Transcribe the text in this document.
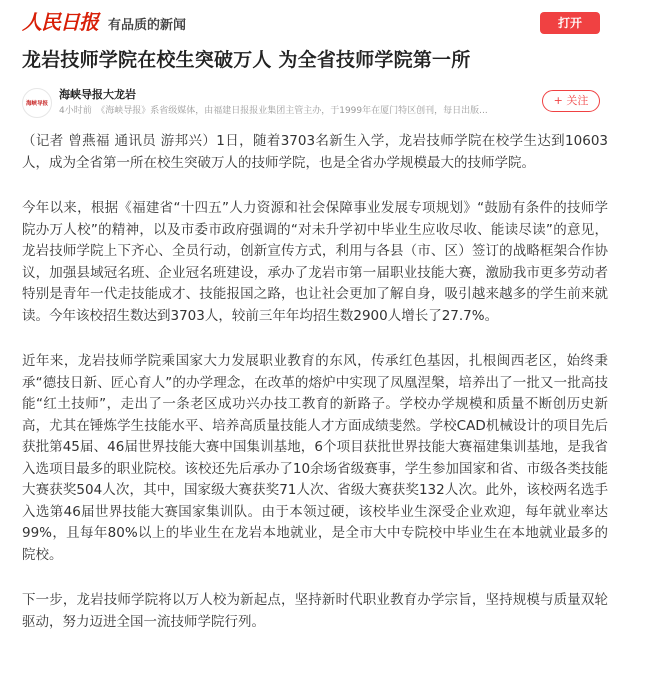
人民日报 有品质的新闻	打开
龙岩技师学院在校生突破万人 为全省技师学院第一所
海峡导报
海峡导报大龙岩
4小时前　《海峡导报》系省级媒体，由福建日报报业集团主管主办，于1999年在厦门特区创刊，每日出版...
+ 关注

（记者 曾燕福 通讯员 游邦兴）1日，随着3703名新生入学，龙岩技师学院在校学生达到10603人，成为全省第一所在校生突破万人的技师学院，也是全省办学规模最大的技师学院。

今年以来，根据《福建省“十四五”人力资源和社会保障事业发展专项规划》“鼓励有条件的技师学院办万人校”的精神，以及市委市政府强调的“对未升学初中毕业生应收尽收、能读尽读”的意见，龙岩技师学院上下齐心、全员行动，创新宣传方式，利用与各县（市、区）签订的战略框架合作协议，加强县域冠名班、企业冠名班建设，承办了龙岩市第一届职业技能大赛，激励我市更多劳动者特别是青年一代走技能成才、技能报国之路，也让社会更加了解自身，吸引越来越多的学生前来就读。今年该校招生数达到3703人，较前三年年均招生数2900人增长了27.7%。

近年来，龙岩技师学院乘国家大力发展职业教育的东风，传承红色基因，扎根闽西老区，始终秉承“德技日新、匠心育人”的办学理念，在改革的熔炉中实现了凤凰涅槃，培养出了一批又一批高技能“红土技师”，走出了一条老区成功兴办技工教育的新路子。学校办学规模和质量不断创历史新高，尤其在锤炼学生技能水平、培养高质量技能人才方面成绩斐然。学校CAD机械设计的项目先后获批第45届、46届世界技能大赛中国集训基地，6个项目获批世界技能大赛福建集训基地，是我省入选项目最多的职业院校。该校还先后承办了10余场省级赛事，学生参加国家和省、市级各类技能大赛获奖504人次，其中，国家级大赛获奖71人次、省级大赛获奖132人次。此外，该校两名选手入选第46届世界技能大赛国家集训队。由于本领过硬，该校毕业生深受企业欢迎，每年就业率达99%，且每年80%以上的毕业生在龙岩本地就业，是全市大中专院校中毕业生在本地就业最多的院校。

下一步，龙岩技师学院将以万人校为新起点，坚持新时代职业教育办学宗旨，坚持规模与质量双轮驱动，努力迈进全国一流技师学院行列。
